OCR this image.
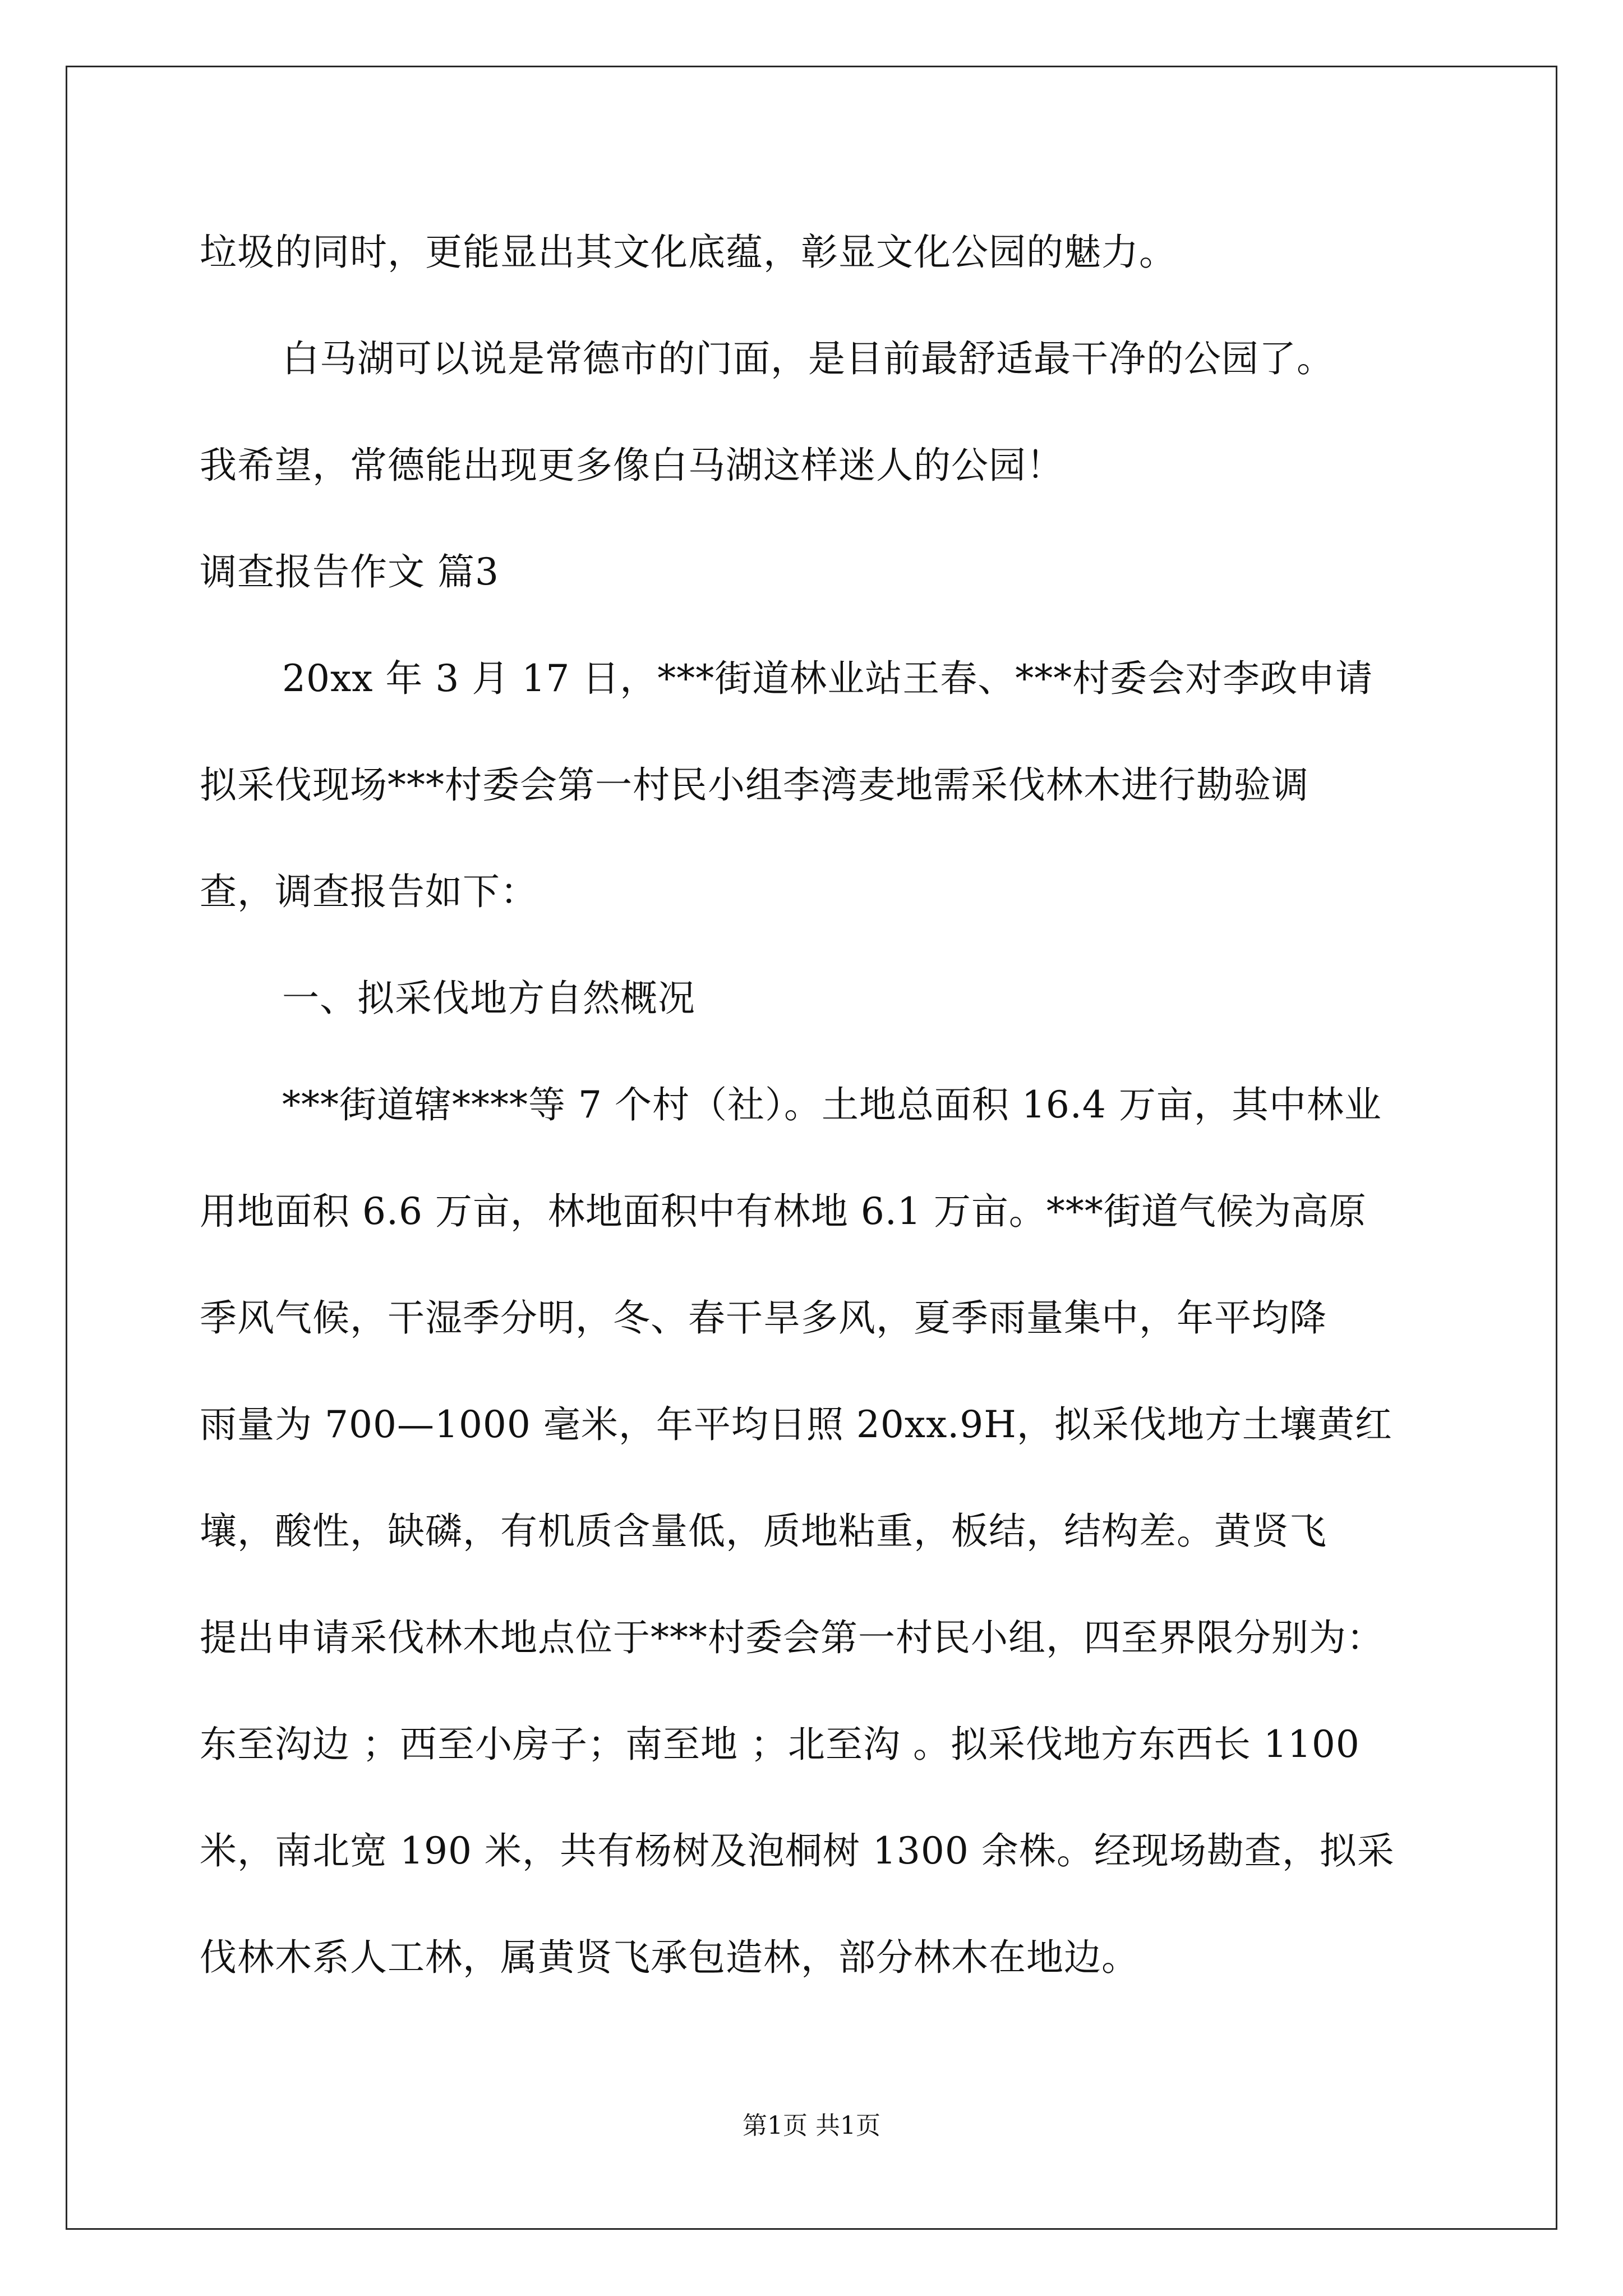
垃圾的同时，更能显出其文化底蕴，彰显文化公园的魅力。
白马湖可以说是常德市的门面，是目前最舒适最干净的公园了。
我希望，常德能出现更多像白马湖这样迷人的公园！
调查报告作文 篇3
20xx 年 3 月 17 日，***街道林业站王春、***村委会对李政申请
拟采伐现场***村委会第一村民小组李湾麦地需采伐林木进行勘验调
查，调查报告如下：
一、拟采伐地方自然概况
***街道辖****等 7 个村（社）。土地总面积 16.4 万亩，其中林业
用地面积 6.6 万亩，林地面积中有林地 6.1 万亩。***街道气候为高原
季风气候，干湿季分明，冬、春干旱多风，夏季雨量集中，年平均降
雨量为 700—1000 毫米，年平均日照 20xx.9H，拟采伐地方土壤黄红
壤，酸性，缺磷，有机质含量低，质地粘重，板结，结构差。黄贤飞
提出申请采伐林木地点位于***村委会第一村民小组，四至界限分别为：
东至沟边 ；西至小房子；南至地 ；北至沟 。拟采伐地方东西长 1100
米，南北宽 190 米，共有杨树及泡桐树 1300 余株。经现场勘查，拟采
伐林木系人工林，属黄贤飞承包造林，部分林木在地边。
第1页 共1页
